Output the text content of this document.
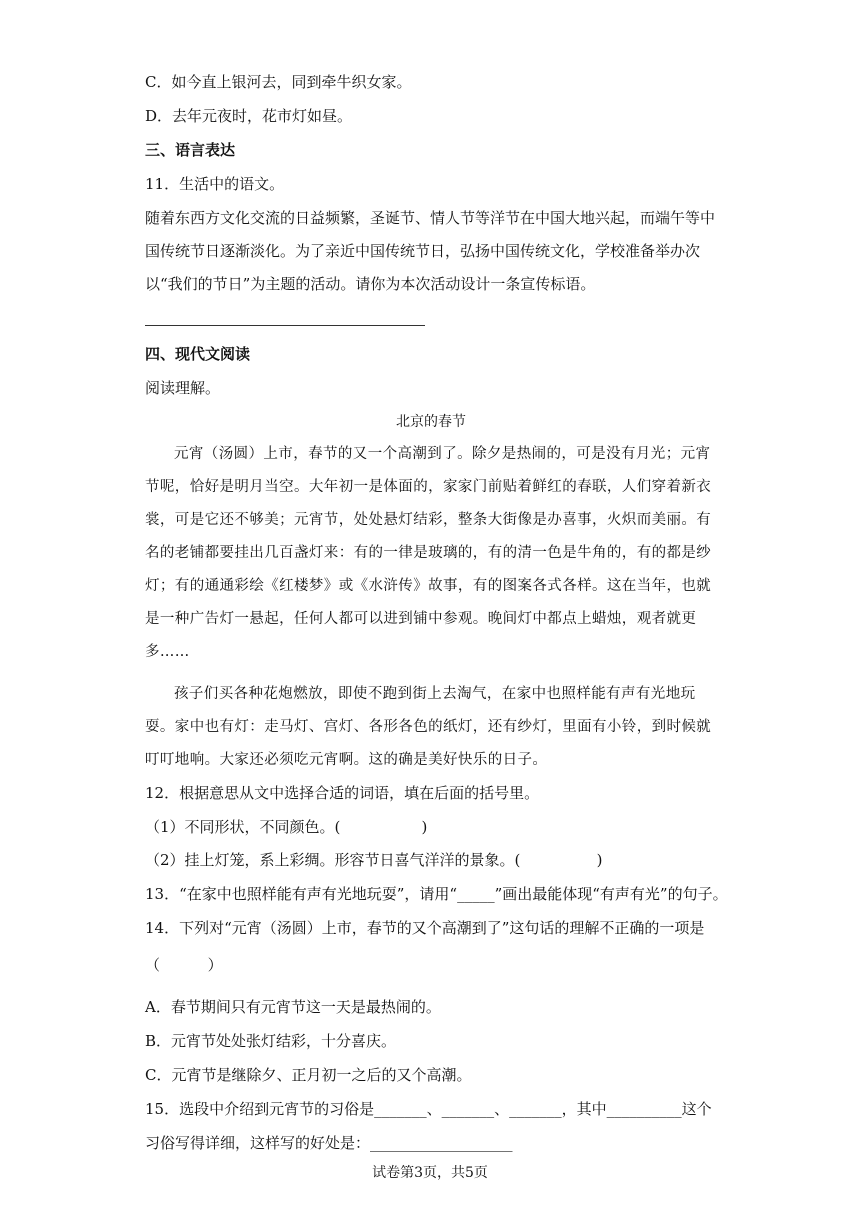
C．如今直上银河去，同到牵牛织女家。
D．去年元夜时，花市灯如昼。
三、语言表达
11．生活中的语文。
随着东西方文化交流的日益频繁，圣诞节、情人节等洋节在中国大地兴起，而端午等中国传统节日逐渐淡化。为了亲近中国传统节日，弘扬中国传统文化，学校准备举办次以“我们的节日”为主题的活动。请你为本次活动设计一条宣传标语。
四、现代文阅读
阅读理解。
北京的春节
元宵（汤圆）上市，春节的又一个高潮到了。除夕是热闹的，可是没有月光；元宵节呢，恰好是明月当空。大年初一是体面的，家家门前贴着鲜红的春联，人们穿着新衣裳，可是它还不够美；元宵节，处处悬灯结彩，整条大街像是办喜事，火炽而美丽。有名的老铺都要挂出几百盏灯来：有的一律是玻璃的，有的清一色是牛角的，有的都是纱灯；有的通通彩绘《红楼梦》或《水浒传》故事，有的图案各式各样。这在当年，也就是一种广告灯一悬起，任何人都可以进到铺中参观。晚间灯中都点上蜡烛，观者就更多……
孩子们买各种花炮燃放，即使不跑到街上去淘气，在家中也照样能有声有光地玩耍。家中也有灯：走马灯、宫灯、各形各色的纸灯，还有纱灯，里面有小铃，到时候就叮叮地响。大家还必须吃元宵啊。这的确是美好快乐的日子。
12．根据意思从文中选择合适的词语，填在后面的括号里。
（1）不同形状，不同颜色。(                 )
（2）挂上灯笼，系上彩绸。形容节日喜气洋洋的景象。(                )
13．“在家中也照样能有声有光地玩耍”，请用“_____”画出最能体现“有声有光”的句子。
14．下列对“元宵（汤圆）上市，春节的又个高潮到了”这句话的理解不正确的一项是
（          ）
A．春节期间只有元宵节这一天是最热闹的。
B．元宵节处处张灯结彩，十分喜庆。
C．元宵节是继除夕、正月初一之后的又个高潮。
15．选段中介绍到元宵节的习俗是_______、_______、_______，其中__________这个
习俗写得详细，这样写的好处是：___________________
试卷第3页，共5页
